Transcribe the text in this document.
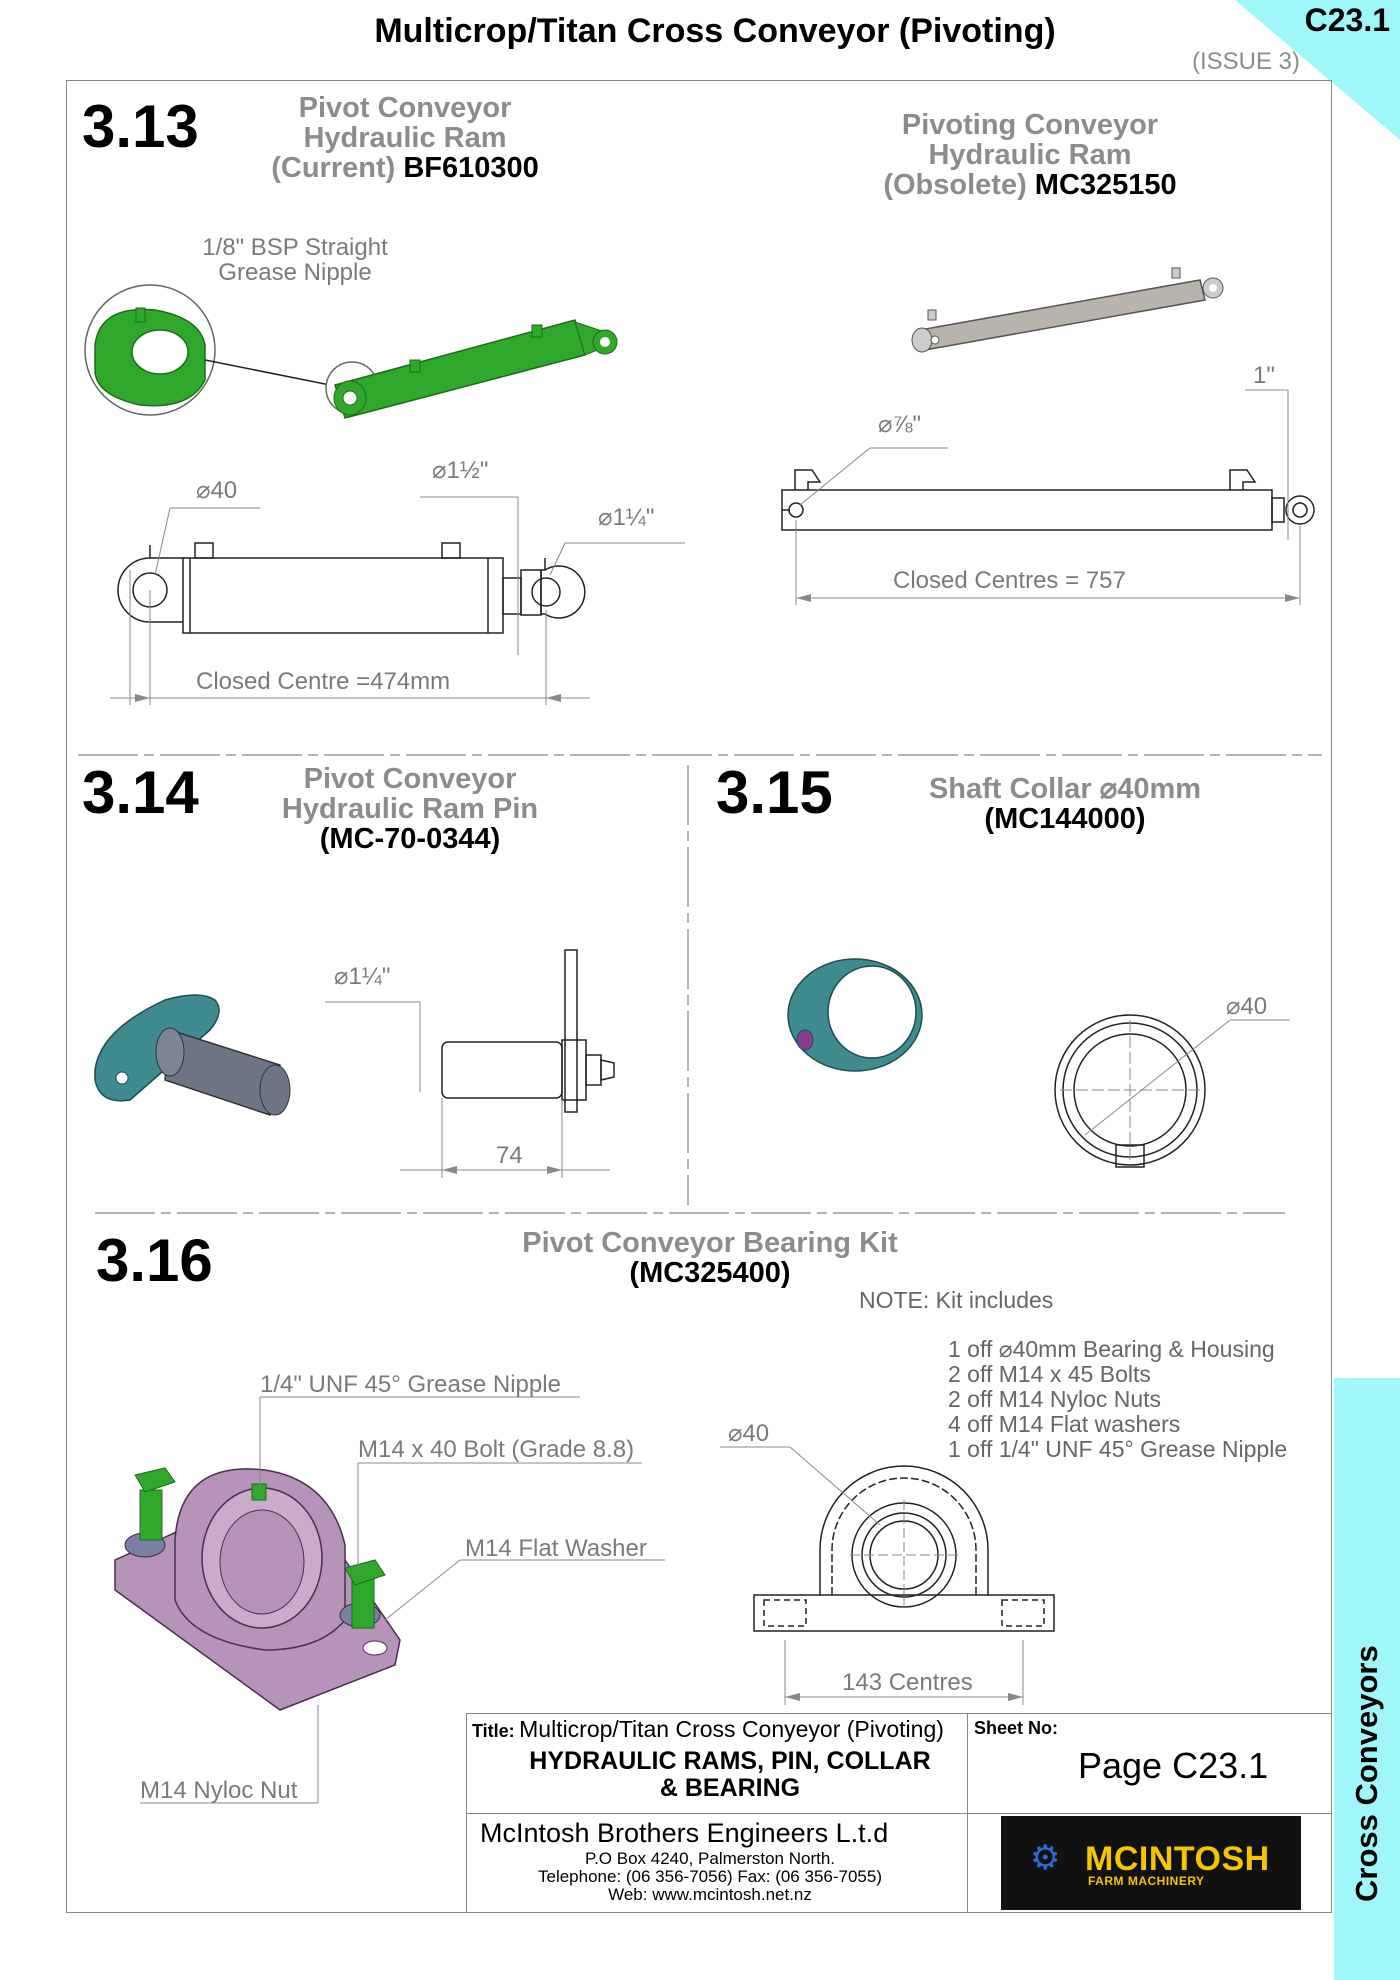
C23.1
Multicrop/Titan Cross Conveyor (Pivoting)
(ISSUE 3)
Cross Conveyors
3.13	Pivot Conveyor
Hydraulic Ram
(Current) BF610300
Pivoting Conveyor
Hydraulic Ram
(Obsolete) MC325150
1/8" BSP Straight
Grease Nipple
⌀40
⌀1½"
⌀1¼"
Closed Centre =474mm
⌀⅞"
1"
Closed Centres = 757
3.14	Pivot Conveyor
Hydraulic Ram Pin
(MC-70-0344)
⌀1¼"
74
3.15	Shaft Collar ⌀40mm
(MC144000)
⌀40
3.16	Pivot Conveyor Bearing Kit
(MC325400)
NOTE: Kit includes
1 off ⌀40mm Bearing & Housing
2 off M14 x 45 Bolts
2 off M14 Nyloc Nuts
4 off M14 Flat washers
1 off 1/4" UNF 45° Grease Nipple
1/4" UNF 45° Grease Nipple
M14 x 40 Bolt (Grade 8.8)
M14 Flat Washer
M14 Nyloc Nut
⌀40
143 Centres
Title: Multicrop/Titan Cross Conyeyor (Pivoting)
HYDRAULIC RAMS, PIN, COLLAR
& BEARING
Sheet No:
Page C23.1
McIntosh Brothers Engineers L.t.d
P.O Box 4240, Palmerston North.
Telephone: (06 356-7056) Fax: (06 356-7055)
Web: www.mcintosh.net.nz
⚙ MCINTOSH
FARM MACHINERY
